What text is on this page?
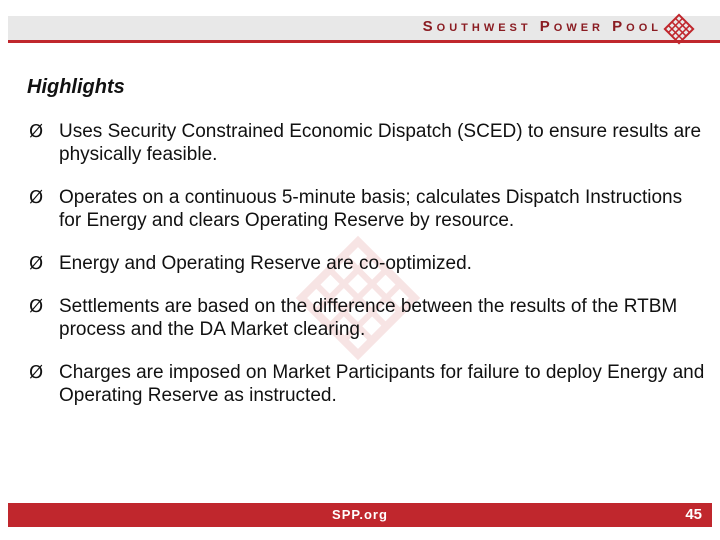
Southwest Power Pool
Highlights
Ø Uses Security Constrained Economic Dispatch (SCED) to ensure results are physically feasible.
Ø Operates on a continuous 5-minute basis; calculates Dispatch Instructions for Energy and clears Operating Reserve by resource.
Ø Energy and Operating Reserve are co-optimized.
Ø Settlements are based on the difference between the results of the RTBM process and the DA Market clearing.
Ø Charges are imposed on Market Participants for failure to deploy Energy and Operating Reserve as instructed.
SPP.org	45
